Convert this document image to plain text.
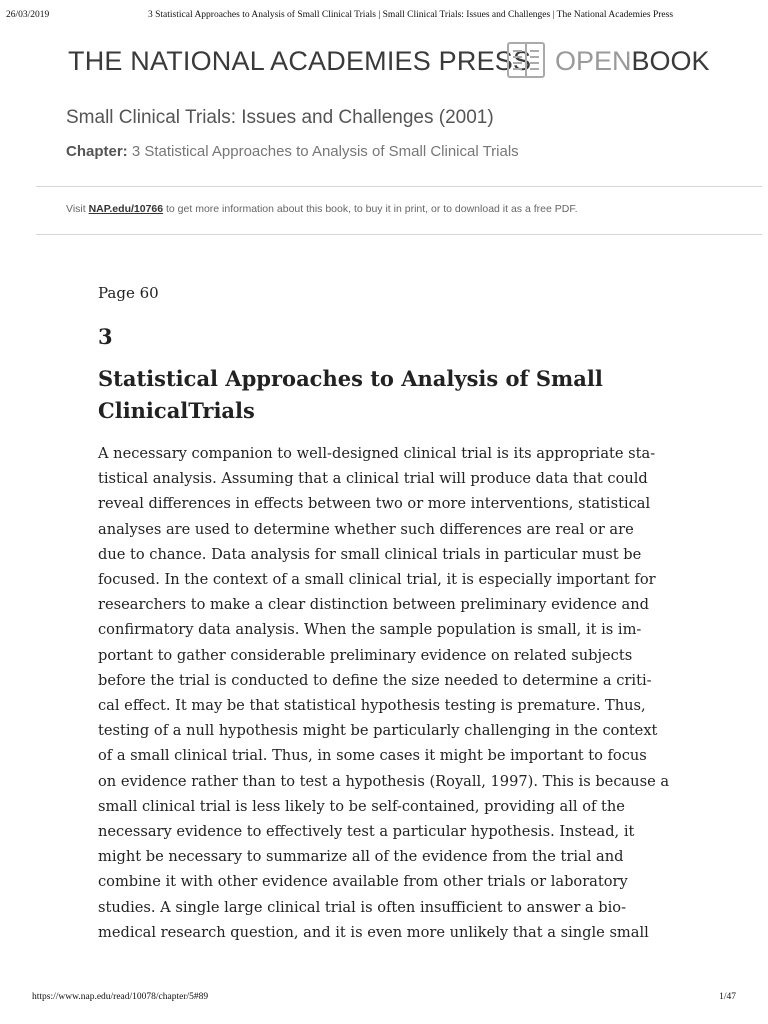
26/03/2019	3 Statistical Approaches to Analysis of Small Clinical Trials | Small Clinical Trials: Issues and Challenges | The National Academies Press
THE NATIONAL ACADEMIES PRESS OPENBOOK
Small Clinical Trials: Issues and Challenges (2001)
Chapter: 3 Statistical Approaches to Analysis of Small Clinical Trials
Visit NAP.edu/10766 to get more information about this book, to buy it in print, or to download it as a free PDF.

Page 60

3

Statistical Approaches to Analysis of Small
ClinicalTrials
A necessary companion to well-designed clinical trial is its appropriate sta-
tistical analysis. Assuming that a clinical trial will produce data that could
reveal differences in effects between two or more interventions, statistical
analyses are used to determine whether such differences are real or are
due to chance. Data analysis for small clinical trials in particular must be
focused. In the context of a small clinical trial, it is especially important for
researchers to make a clear distinction between preliminary evidence and
confirmatory data analysis. When the sample population is small, it is im-
portant to gather considerable preliminary evidence on related subjects
before the trial is conducted to define the size needed to determine a criti-
cal effect. It may be that statistical hypothesis testing is premature. Thus,
testing of a null hypothesis might be particularly challenging in the context
of a small clinical trial. Thus, in some cases it might be important to focus
on evidence rather than to test a hypothesis (Royall, 1997). This is because a
small clinical trial is less likely to be self-contained, providing all of the
necessary evidence to effectively test a particular hypothesis. Instead, it
might be necessary to summarize all of the evidence from the trial and
combine it with other evidence available from other trials or laboratory
studies. A single large clinical trial is often insufficient to answer a bio-
medical research question, and it is even more unlikely that a single small
https://www.nap.edu/read/10078/chapter/5#89	1/47
